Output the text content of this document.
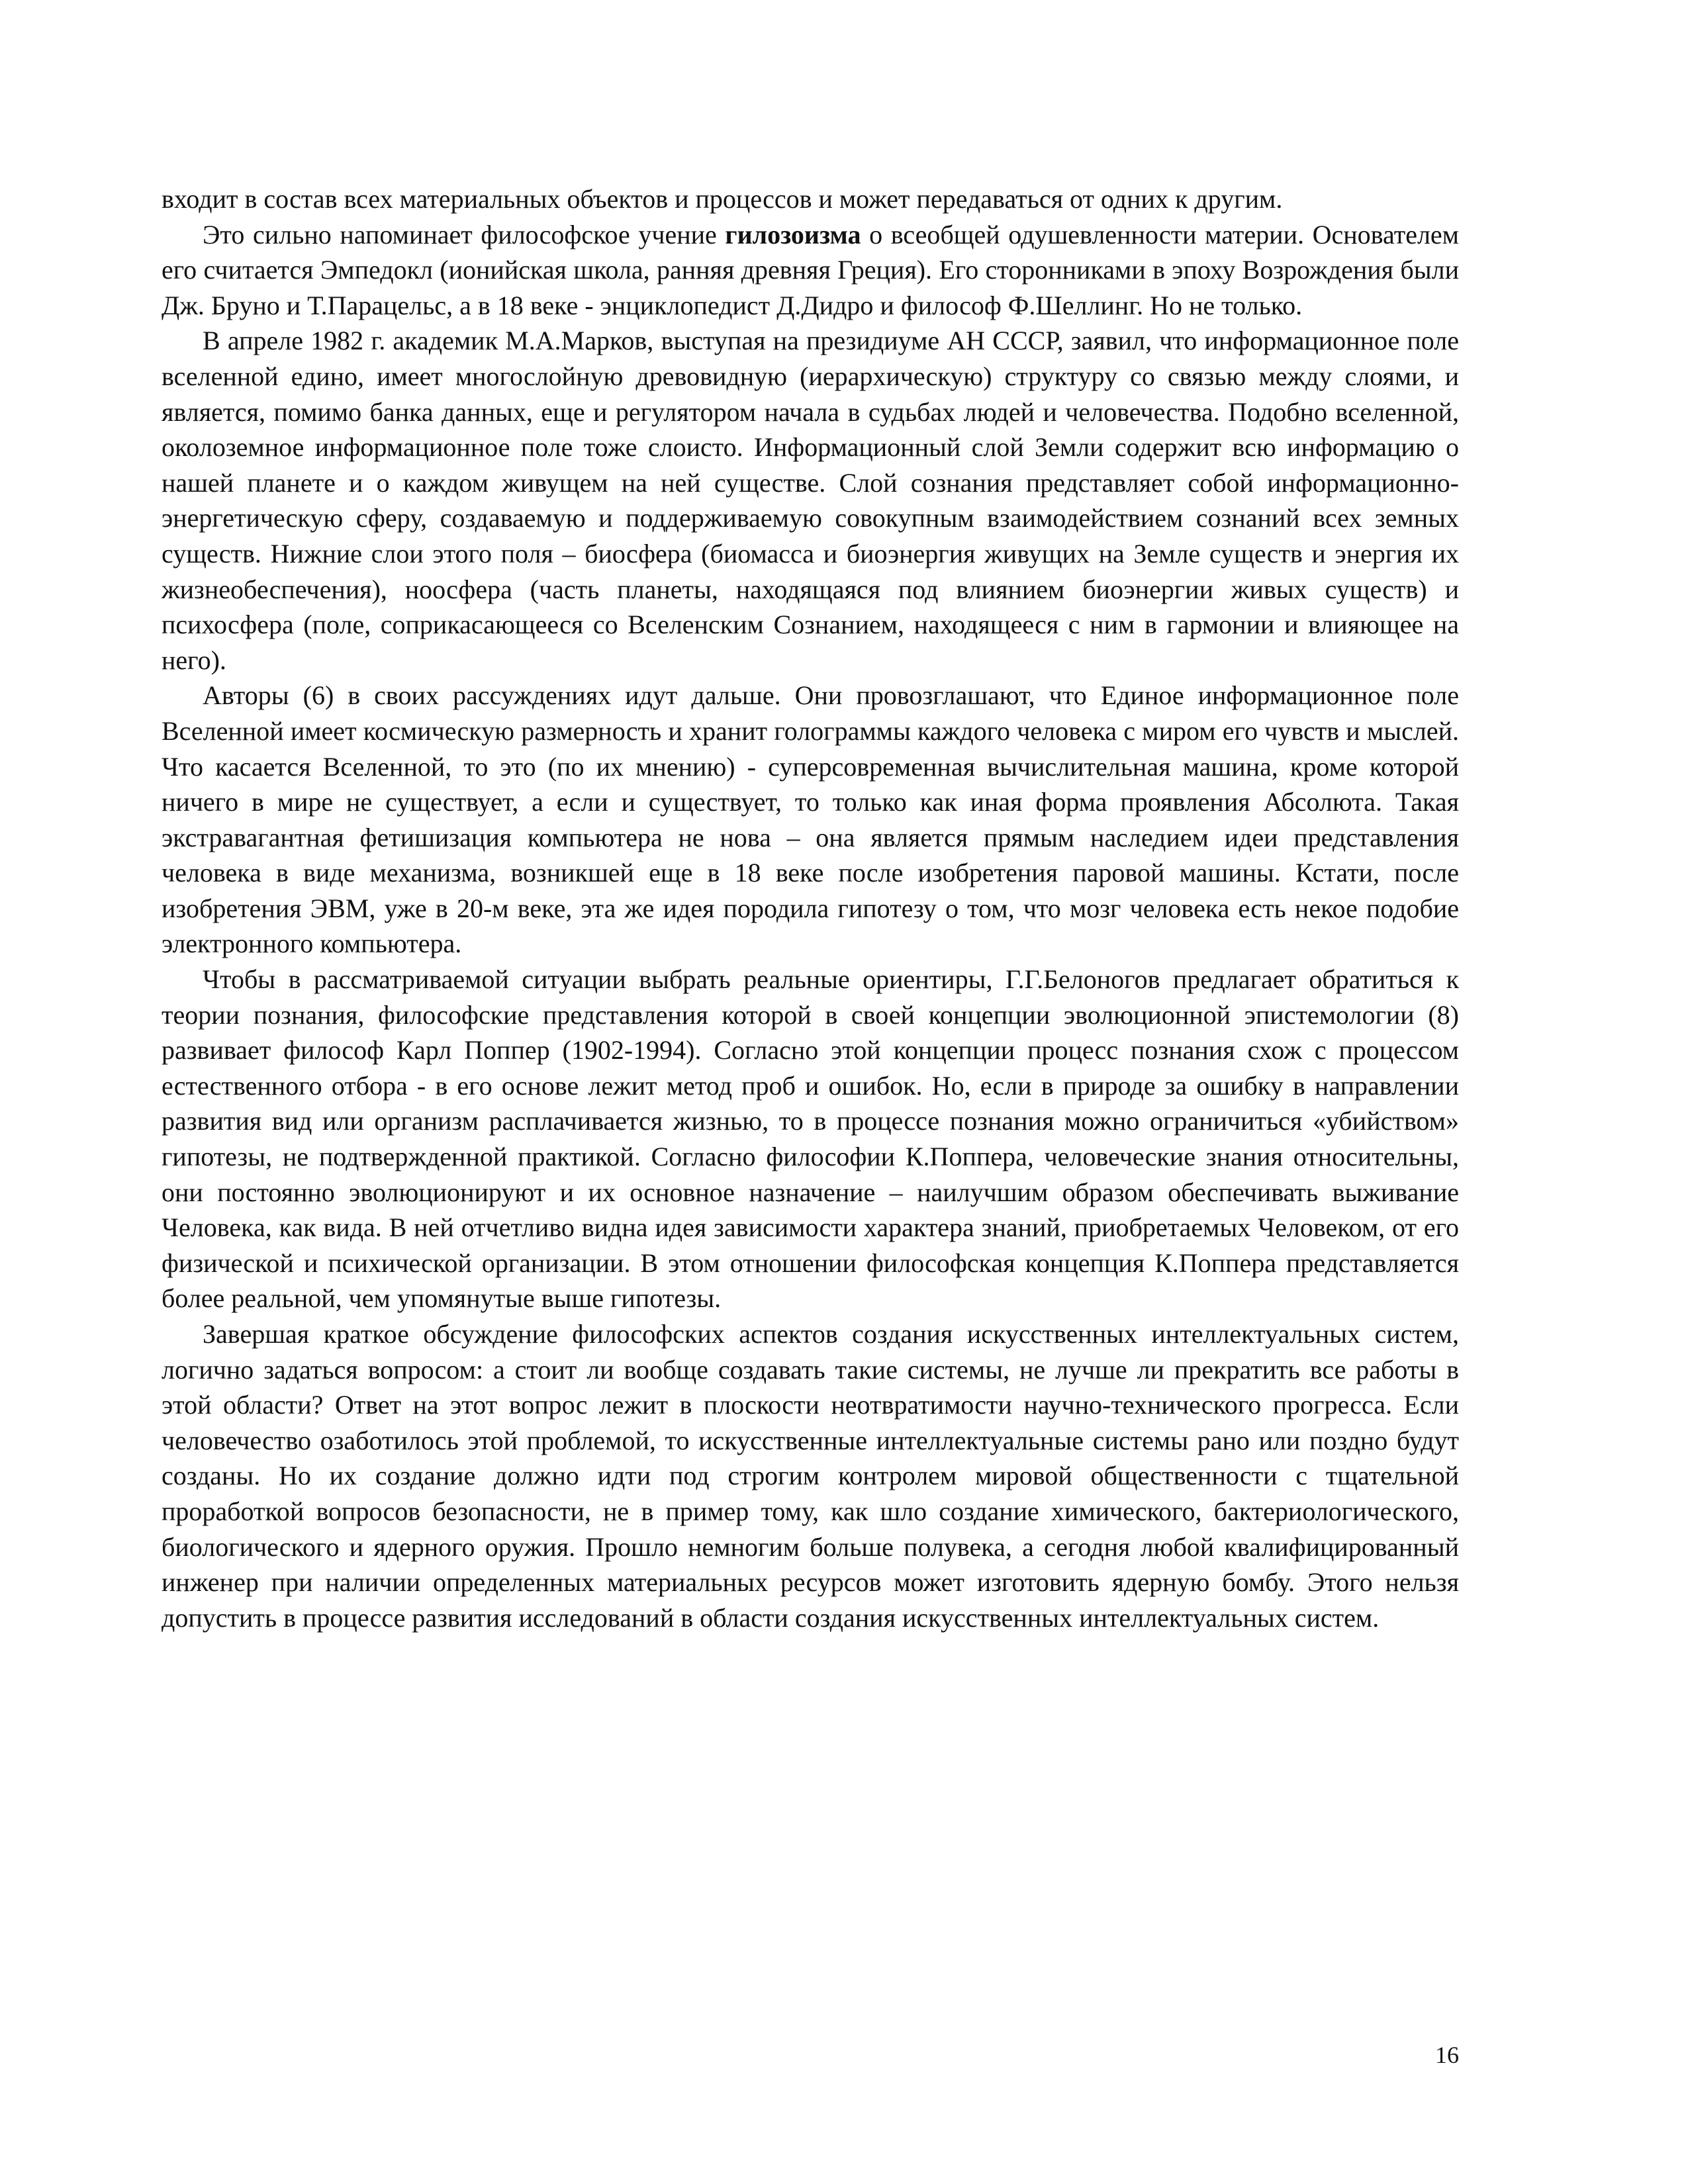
входит в состав всех материальных объектов и процессов и может передаваться от одних к другим.

Это сильно напоминает философское учение гилозоизма о всеобщей одушевленности материи. Основателем его считается Эмпедокл (ионийская школа, ранняя древняя Греция). Его сторонниками в эпоху Возрождения были Дж. Бруно и Т.Парацельс, а в 18 веке - энциклопедист Д.Дидро и философ Ф.Шеллинг. Но не только.

В апреле 1982 г. академик М.А.Марков, выступая на президиуме АН СССР, заявил, что информационное поле вселенной едино, имеет многослойную древовидную (иерархическую) структуру со связью между слоями, и является, помимо банка данных, еще и регулятором начала в судьбах людей и человечества. Подобно вселенной, околоземное информационное поле тоже слоисто. Информационный слой Земли содержит всю информацию о нашей планете и о каждом живущем на ней существе. Слой сознания представляет собой информационно-энергетическую сферу, создаваемую и поддерживаемую совокупным взаимодействием сознаний всех земных существ. Нижние слои этого поля – биосфера (биомасса и биоэнергия живущих на Земле существ и энергия их жизнеобеспечения), ноосфера (часть планеты, находящаяся под влиянием биоэнергии живых существ) и психосфера (поле, соприкасающееся со Вселенским Сознанием, находящееся с ним в гармонии и влияющее на него).

Авторы (6) в своих рассуждениях идут дальше. Они провозглашают, что Единое информационное поле Вселенной имеет космическую размерность и хранит голограммы каждого человека с миром его чувств и мыслей. Что касается Вселенной, то это (по их мнению) - суперсовременная вычислительная машина, кроме которой ничего в мире не существует, а если и существует, то только как иная форма проявления Абсолюта. Такая экстравагантная фетишизация компьютера не нова – она является прямым наследием идеи представления человека в виде механизма, возникшей еще в 18 веке после изобретения паровой машины. Кстати, после изобретения ЭВМ, уже в 20-м веке, эта же идея породила гипотезу о том, что мозг человека есть некое подобие электронного компьютера.

Чтобы в рассматриваемой ситуации выбрать реальные ориентиры, Г.Г.Белоногов предлагает обратиться к теории познания, философские представления которой в своей концепции эволюционной эпистемологии (8) развивает философ Карл Поппер (1902-1994). Согласно этой концепции процесс познания схож с процессом естественного отбора - в его основе лежит метод проб и ошибок. Но, если в природе за ошибку в направлении развития вид или организм расплачивается жизнью, то в процессе познания можно ограничиться «убийством» гипотезы, не подтвержденной практикой. Согласно философии К.Поппера, человеческие знания относительны, они постоянно эволюционируют и их основное назначение – наилучшим образом обеспечивать выживание Человека, как вида. В ней отчетливо видна идея зависимости характера знаний, приобретаемых Человеком, от его физической и психической организации. В этом отношении философская концепция К.Поппера представляется более реальной, чем упомянутые выше гипотезы.

Завершая краткое обсуждение философских аспектов создания искусственных интеллектуальных систем, логично задаться вопросом: а стоит ли вообще создавать такие системы, не лучше ли прекратить все работы в этой области? Ответ на этот вопрос лежит в плоскости неотвратимости научно-технического прогресса. Если человечество озаботилось этой проблемой, то искусственные интеллектуальные системы рано или поздно будут созданы. Но их создание должно идти под строгим контролем мировой общественности с тщательной проработкой вопросов безопасности, не в пример тому, как шло создание химического, бактериологического, биологического и ядерного оружия. Прошло немногим больше полувека, а сегодня любой квалифицированный инженер при наличии определенных материальных ресурсов может изготовить ядерную бомбу. Этого нельзя допустить в процессе развития исследований в области создания искусственных интеллектуальных систем.

16
